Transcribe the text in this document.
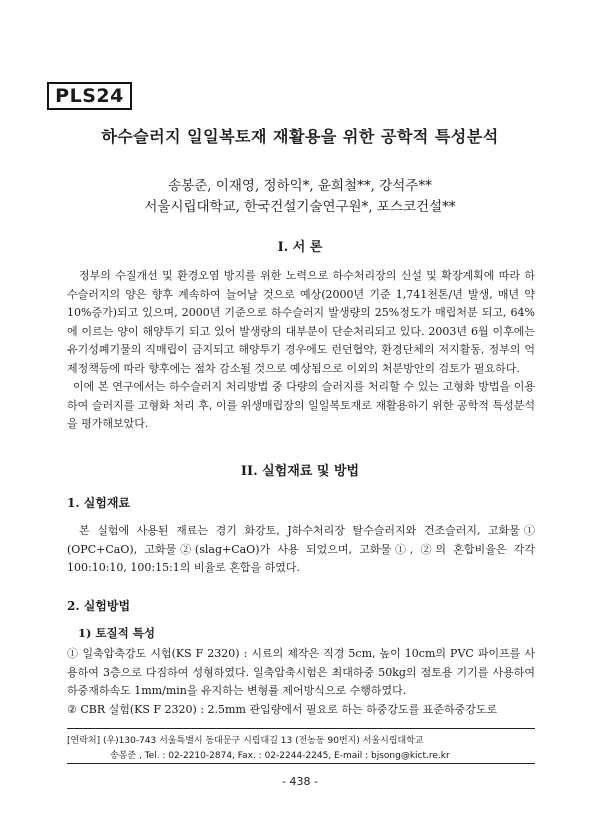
PLS24
하수슬러지 일일복토재 재활용을 위한 공학적 특성분석
송봉준, 이재영, 정하익*, 윤희철**, 강석주**
서울시립대학교, 한국건설기술연구원*, 포스코건설**
I. 서 론

정부의 수질개선 및 환경오염 방지를 위한 노력으로 하수처리장의 신설 및 확장계획에 따라 하수슬러지의 양은 향후 계속하여 늘어날 것으로 예상(2000년 기준 1,741천톤/년 발생, 매년 약 10%증가)되고 있으며, 2000년 기준으로 하수슬러지 발생량의 25%정도가 매립처분 되고, 64%에 이르는 양이 해양투기 되고 있어 발생량의 대부분이 단순처리되고 있다. 2003년 6월 이후에는 유기성폐기물의 직매립이 금지되고 해양투기 경우에도 런던협약, 환경단체의 저지활동, 정부의 억제정책등에 따라 향후에는 점차 감소될 것으로 예상됨으로 이외의 처분방안의 검토가 필요하다.

이에 본 연구에서는 하수슬러지 처리방법 중 다량의 슬러지를 처리할 수 있는 고형화 방법을 이용하여 슬러지를 고형화 처리 후, 이를 위생매립장의 일일복토재로 재활용하기 위한 공학적 특성분석을 평가해보았다.

II. 실험재료 및 방법
1. 실험재료

본 실험에 사용된 재료는 경기 화강토, J하수처리장 탈수슬러지와 건조슬러지, 고화물① (OPC+CaO), 고화물②(slag+CaO)가 사용 되었으며, 고화물①, ②의 혼합비율은 각각 100:10:10, 100:15:1의 비율로 혼합을 하였다.

2. 실험방법
1) 토질적 특성

① 일축압축강도 시험(KS F 2320) : 시료의 제작은 직경 5cm, 높이 10cm의 PVC 파이프를 사용하여 3층으로 다짐하여 성형하였다. 일축압축시험은 최대하중 50kg의 점토용 기기를 사용하여 하중재하속도 1mm/min을 유지하는 변형률 제어방식으로 수행하였다.

② CBR 실험(KS F 2320) : 2.5mm 관입량에서 필요로 하는 하중강도를 표준하중강도로

[연락처] (우)130-743 서울특별시 동대문구 시립대길 13 (전농동 90번지) 서울시립대학교
송봉준 , Tel. : 02-2210-2874, Fax. : 02-2244-2245, E-mail : bjsong@kict.re.kr
- 438 -
